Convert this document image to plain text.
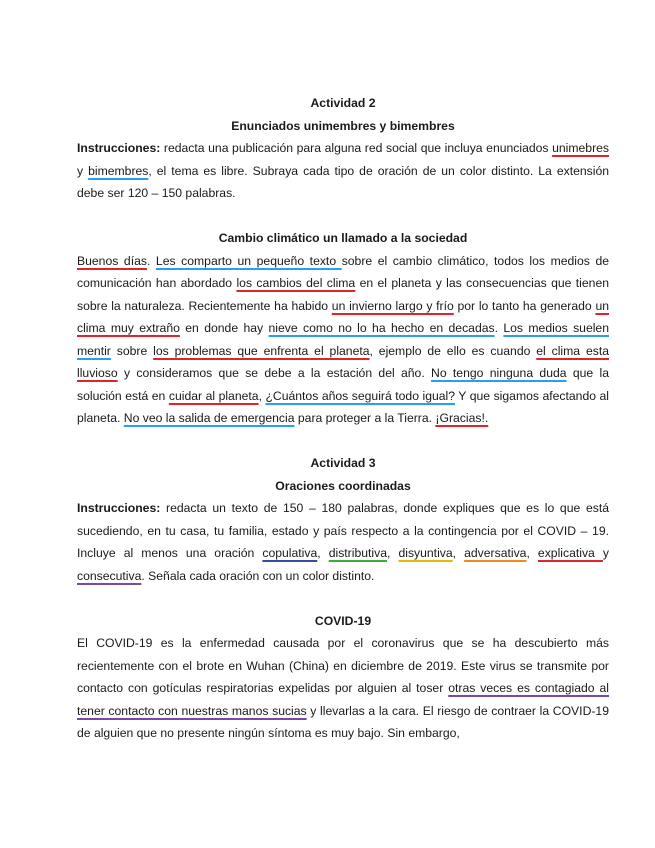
Actividad 2
Enunciados unimembres y bimembres

Instrucciones: redacta una publicación para alguna red social que incluya enunciados unimebres y bimembres, el tema es libre. Subraya cada tipo de oración de un color distinto. La extensión debe ser 120 – 150 palabras.

Cambio climático un llamado a la sociedad

Buenos días. Les comparto un pequeño texto sobre el cambio climático, todos los medios de comunicación han abordado los cambios del clima en el planeta y las consecuencias que tienen sobre la naturaleza. Recientemente ha habido un invierno largo y frío por lo tanto ha generado un clima muy extraño en donde hay nieve como no lo ha hecho en decadas. Los medios suelen mentir sobre los problemas que enfrenta el planeta, ejemplo de ello es cuando el clima esta lluvioso y consideramos que se debe a la estación del año. No tengo ninguna duda que la solución está en cuidar al planeta, ¿Cuántos años seguirá todo igual? Y que sigamos afectando al planeta. No veo la salida de emergencia para proteger a la Tierra. ¡Gracias!.

Actividad 3
Oraciones coordinadas

Instrucciones: redacta un texto de 150 – 180 palabras, donde expliques que es lo que está sucediendo, en tu casa, tu familia, estado y país respecto a la contingencia por el COVID – 19. Incluye al menos una oración copulativa, distributiva, disyuntiva, adversativa, explicativa y consecutiva. Señala cada oración con un color distinto.

COVID-19

El COVID-19 es la enfermedad causada por el coronavirus que se ha descubierto más recientemente con el brote en Wuhan (China) en diciembre de 2019. Este virus se transmite por contacto con gotículas respiratorias expelidas por alguien al toser otras veces es contagiado al tener contacto con nuestras manos sucias y llevarlas a la cara. El riesgo de contraer la COVID-19 de alguien que no presente ningún síntoma es muy bajo. Sin embargo,
